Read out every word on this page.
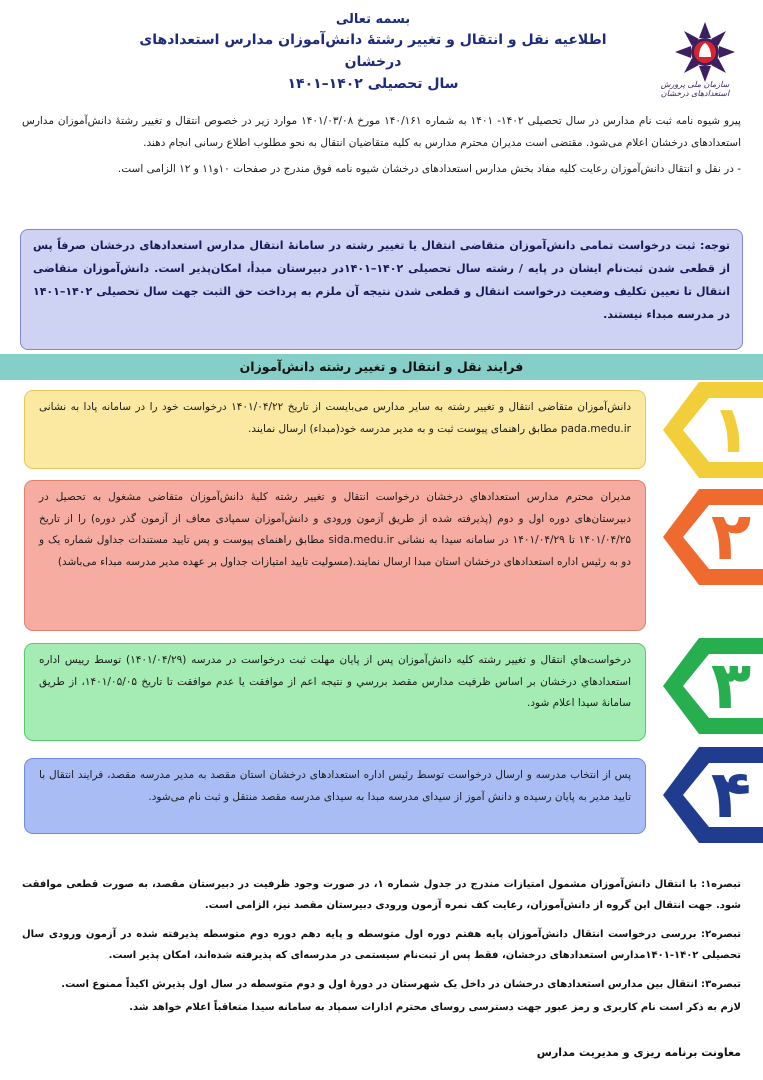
سازمان ملی پرورش استعدادهای درخشان
بسمه تعالی
اطلاعیه نقل و انتقال و تغییر رشتۀ دانش‌آموزان مدارس استعدادهای درخشان
سال تحصیلی ۱۴۰۲–۱۴۰۱

پیرو شیوه نامه ثبت نام مدارس در سال تحصیلی ۱۴۰۲- ۱۴۰۱ به شماره ۱۴۰/۱۶۱ مورخ ۱۴۰۱/۰۳/۰۸ موارد زیر در خصوص انتقال و تغییر رشتۀ دانش‌آموزان مدارس استعدادهای درخشان اعلام می‌شود. مقتضی است مدیران محترم مدارس به کلیه متقاضیان انتقال به نحو مطلوب اطلاع رسانی انجام دهند.

- در نقل و انتقال دانش‌آموزان رعایت کلیه مفاد بخش مدارس استعدادهای درخشان شیوه نامه فوق مندرج در صفحات ۱۰و۱۱ و ۱۲ الزامی است.

توجه: ثبت درخواست تمامی دانش‌آموزان متقاضی انتقال یا تغییر رشته در سامانۀ انتقال مدارس استعدادهای درخشان صرفاً پس از قطعی شدن ثبت‌نام ایشان در پایه / رشته سال تحصیلی ۱۴۰۲–۱۴۰۱در دبیرستان مبدأ، امکان‌پذیر است. دانش‌آموزان متقاضی انتقال تا تعیین تکلیف وضعیت درخواست انتقال و قطعی شدن نتیجه آن ملزم به پرداخت حق الثبت جهت سال تحصیلی ۱۴۰۲–۱۴۰۱ در مدرسه مبداء نیستند.
فرایند نقل و انتقال و تغییر رشته دانش‌آموزان
دانش‌آموزان متقاضی انتقال و تغییر رشته به سایر مدارس می‌بایست از تاریخ ۱۴۰۱/۰۴/۲۲ درخواست خود را در سامانه پادا به نشانی pada.medu.ir مطابق راهنمای پیوست ثبت و به مدیر مدرسه خود(مبداء) ارسال نمایند.
مدیران محترم مدارس استعدادهاي درخشان درخواست انتقال و تغییر رشته کلیۀ دانش‌آموزان متقاضی مشغول به تحصیل در دبیرستان‌های دوره اول و دوم (پذیرفته شده از طریق آزمون ورودی و دانش‌آموزان سمپادی معاف از آزمون گذر دوره) را از تاریخ ۱۴۰۱/۰۴/۲۵ تا ۱۴۰۱/۰۴/۲۹ در سامانه سیدا به نشانی sida.medu.ir مطابق راهنمای پیوست و پس تایید مستندات جداول شماره یک و دو به رئیس اداره استعدادهای درخشان استان مبدا ارسال نمایند.(مسولیت تایید امتیازات جداول بر عهده مدیر مدرسه مبداء می‌باشد)
درخواست‌هاي انتقال و تغییر رشته کلیه دانش‌آموزان پس از پایان مهلت ثبت درخواست در مدرسه (۱۴۰۱/۰۴/۲۹) توسط رییس اداره استعدادهاي درخشان بر اساس ظرفیت مدارس مقصد بررسي و نتیجه اعم از موافقت یا عدم موافقت تا تاریخ ۱۴۰۱/۰۵/۰۵، از طریق سامانۀ سیدا اعلام شود.
پس از انتخاب مدرسه و ارسال درخواست توسط رئیس اداره استعدادهای درخشان استان مقصد به مدیر مدرسه مقصد، فرایند انتقال با تایید مدیر به پایان رسیده و دانش آموز از سیدای مدرسه مبدا به سیدای مدرسه مقصد منتقل و ثبت نام می‌شود.
۱
۲
۳
۴

تبصره۱: با انتقال دانش‌آموزان مشمول امتیازات مندرج در جدول شماره ۱، در صورت وجود ظرفیت در دبیرستان مقصد، به صورت قطعی موافقت شود. جهت انتقال این گروه از دانش‌آموزان، رعایت کف نمره آزمون ورودی دبیرستان مقصد نیز، الزامی است.

تبصره۲: بررسی درخواست انتقال دانش‌آموزان پایه هفتم دوره اول متوسطه و پایه دهم دوره دوم متوسطه پذیرفته شده در آزمون ورودی سال تحصیلی ۱۴۰۲-۱۴۰۱مدارس استعدادهای درخشان، فقط پس از ثبت‌نام سیستمی در مدرسه‌ای که پذیرفته شده‌اند، امکان پذیر است.

تبصره۳: انتقال بین مدارس استعدادهای درخشان در داخل یک شهرستان در دورۀ اول و دوم متوسطه در سال اول پذیرش اکیداً ممنوع است.

لازم به ذکر است نام کاربری و رمز عبور جهت دسترسی روسای محترم ادارات سمپاد به سامانه سیدا متعاقباً اعلام خواهد شد.

معاونت برنامه ریزی و مدیریت مدارس
